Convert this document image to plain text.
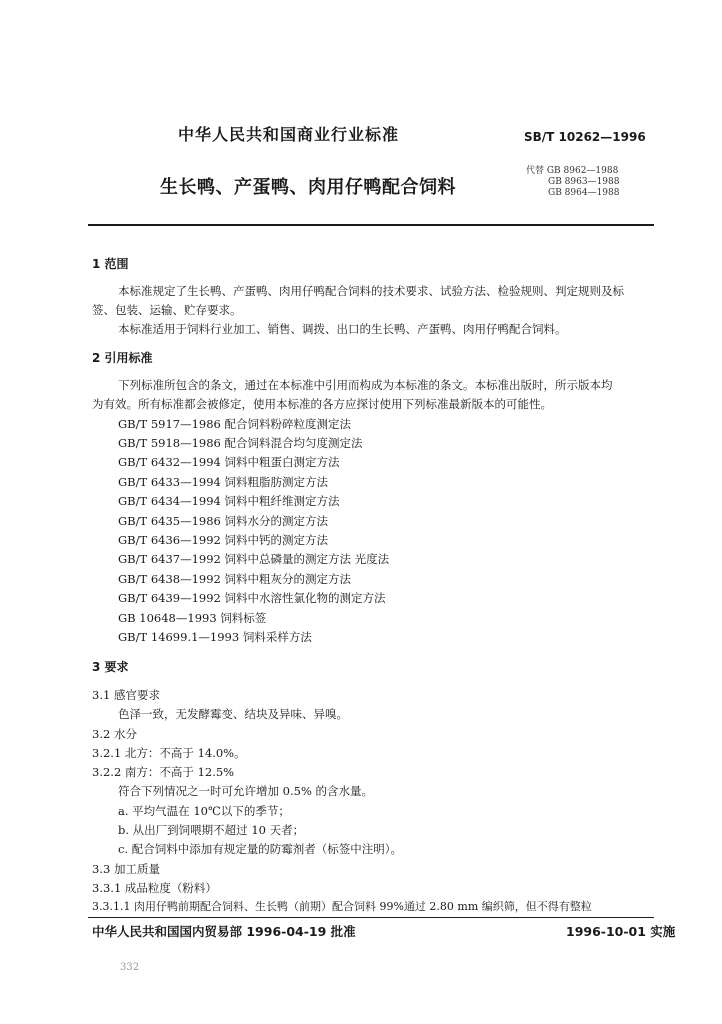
中华人民共和国商业行业标准	SB/T 10262—1996
生长鸭、产蛋鸭、肉用仔鸭配合饲料
代替 GB 8962—1988
GB 8963—1988
GB 8964—1988
1 范围
本标准规定了生长鸭、产蛋鸭、肉用仔鸭配合饲料的技术要求、试验方法、检验规则、判定规则及标
签、包装、运输、贮存要求。
本标准适用于饲料行业加工、销售、调拨、出口的生长鸭、产蛋鸭、肉用仔鸭配合饲料。
2 引用标准
下列标准所包含的条文，通过在本标准中引用而构成为本标准的条文。本标准出版时，所示版本均
为有效。所有标准都会被修定，使用本标准的各方应探讨使用下列标准最新版本的可能性。
GB/T 5917—1986 配合饲料粉碎粒度测定法
GB/T 5918—1986 配合饲料混合均匀度测定法
GB/T 6432—1994 饲料中粗蛋白测定方法
GB/T 6433—1994 饲料粗脂肪测定方法
GB/T 6434—1994 饲料中粗纤维测定方法
GB/T 6435—1986 饲料水分的测定方法
GB/T 6436—1992 饲料中钙的测定方法
GB/T 6437—1992 饲料中总磷量的测定方法 光度法
GB/T 6438—1992 饲料中粗灰分的测定方法
GB/T 6439—1992 饲料中水溶性氯化物的测定方法
GB 10648—1993 饲料标签
GB/T 14699.1—1993 饲料采样方法
3 要求
3.1 感官要求
色泽一致，无发酵霉变、结块及异味、异嗅。
3.2 水分
3.2.1 北方：不高于 14.0%。
3.2.2 南方：不高于 12.5%
符合下列情况之一时可允许增加 0.5% 的含水量。
a. 平均气温在 10℃以下的季节；
b. 从出厂到饲喂期不超过 10 天者；
c. 配合饲料中添加有规定量的防霉剂者（标签中注明）。
3.3 加工质量
3.3.1 成品粒度（粉料）
3.3.1.1 肉用仔鸭前期配合饲料、生长鸭（前期）配合饲料 99%通过 2.80 mm 编织筛，但不得有整粒
中华人民共和国国内贸易部 1996-04-19 批准	1996-10-01 实施
332
